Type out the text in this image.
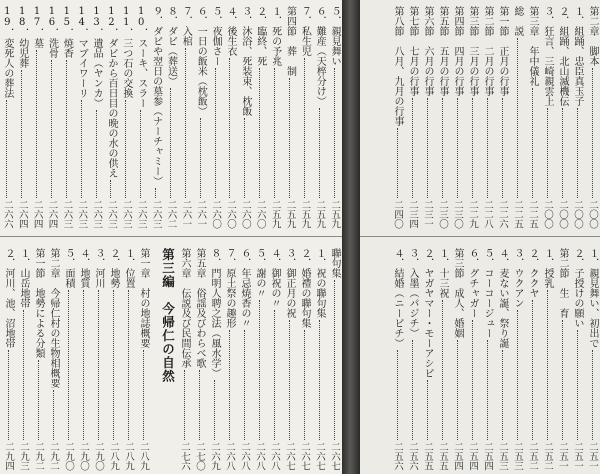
５．親見舞い
二五九
６．難産（天椊分け）
二五九
７．私生児
二五九
第四節　葬　制
二五九
１．死の予兆
二五九
２．臨終、死
二六〇
３．沐浴、死装束、枕飯
二六〇
４．後生衣
二六〇
５．夜伽さー
二六〇
６．一日の飯米（枕飯）
二六一
７．入棺
二六一
８．ダビ（葬送）
二六二
９．ダビや翌日の墓参（ナーチャミー）
二六三
10．スーキ、スラー
二六三
11．三つ石の交換
二六三
12．ダビから百日目の晩の水の供え
二六三
13．遺品（ヤンカ）
二六三
14．マブイワーリ
二六三
15．焼香
二六三
16．洗骨
二六四
17．墓
二六四
18．幼児葬
二六四
19．変死人の葬法
二六六
聯句集
二六七
１．祝の聯句集
二六七
２．婚禮の聯句集
二六七
３．御正月の祝
二六七
４．御祝の〃
二六八
５．謝の〃
二六八
６．年忌焼香の〃
二六八
７．原土祭の趣形
二六八
８．門明人聘之法（風水学）
二六九
第五章　俗謡及びわらべ歌
二七〇
第六章　伝説及び民間伝承
二七六
第三編　今帰仁の自然
第一章　村の地誌概要
二八九
１．位置
二八九
２．地勢
二八九
３．河川
二九〇
４．地質
二九〇
５．面積
二九〇
第二章　今帰仁村の生物相概要
二九二
第一節　地勢による分類
二九二
１．山岳地帯
二九三
２．河川、池、沼地帯
二九四
第二章　脚本
二〇〇
１．組踊、忠臣真玉子
二〇〇
２．組踊、北山滅機伝
二〇〇
３．狂言、三崎親雲上
二〇〇
第三章　年中儀礼
二二五
総　説
二二五
第一節　正月の行事
二二六
第二節　二月の行事
二二八
第三節　三月の行事
二二九
第四節　四月の行事
二三〇
第五節　五月の行事
二三〇
第六節　六月の行事
二三一
第七節　七月の行事
二三四
第八節　八月、九月の行事
二四〇
１．親見舞い、初出で
二五一
２．子授けの願い
二五一
第二節　生　育
二五一
１．授乳
二五二
２．ククヤ
二五二
３．ウクアン
二五三
４．麦ない誕、祭り誕
二五三
５．コーコージュー
二五四
６．グチャガー
二五四
第三節　成人、婚姻
二五四
１．十三祝
二五五
２．ヤガヤマー・モーアシビ
二五五
３．入墨（パジチ）
二五六
４．結婚（ニービチ）
二五六
